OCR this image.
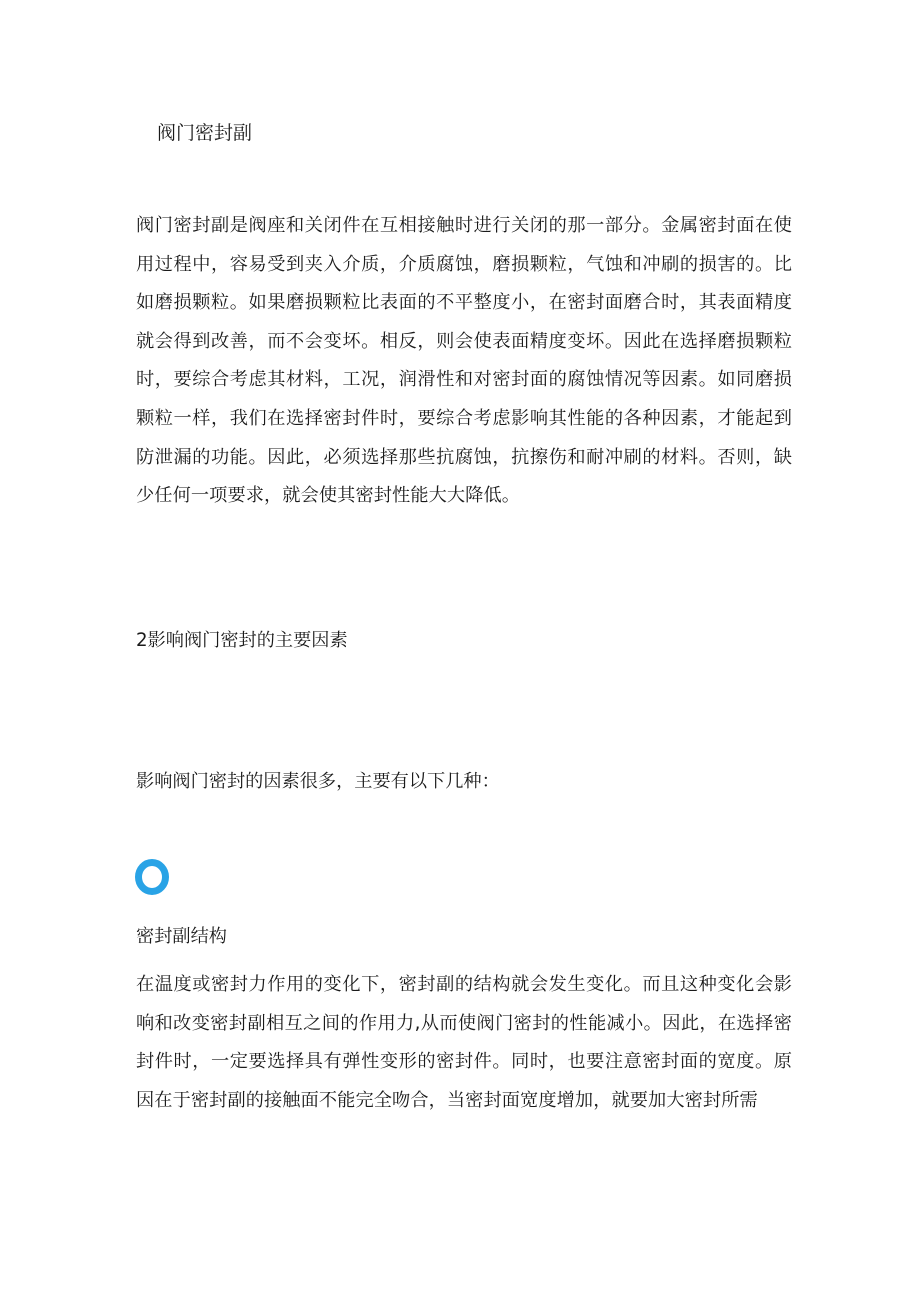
阀门密封副

阀门密封副是阀座和关闭件在互相接触时进行关闭的那一部分。金属密封面在使用过程中，容易受到夹入介质，介质腐蚀，磨损颗粒，气蚀和冲刷的损害的。比如磨损颗粒。如果磨损颗粒比表面的不平整度小，在密封面磨合时，其表面精度就会得到改善，而不会变坏。相反，则会使表面精度变坏。因此在选择磨损颗粒时，要综合考虑其材料，工况，润滑性和对密封面的腐蚀情况等因素。如同磨损颗粒一样，我们在选择密封件时，要综合考虑影响其性能的各种因素，才能起到防泄漏的功能。因此，必须选择那些抗腐蚀，抗擦伤和耐冲刷的材料。否则，缺少任何一项要求，就会使其密封性能大大降低。

2影响阀门密封的主要因素

影响阀门密封的因素很多，主要有以下几种：

密封副结构

在温度或密封力作用的变化下，密封副的结构就会发生变化。而且这种变化会影响和改变密封副相互之间的作用力,从而使阀门密封的性能减小。因此，在选择密封件时，一定要选择具有弹性变形的密封件。同时，也要注意密封面的宽度。原因在于密封副的接触面不能完全吻合，当密封面宽度增加，就要加大密封所需
